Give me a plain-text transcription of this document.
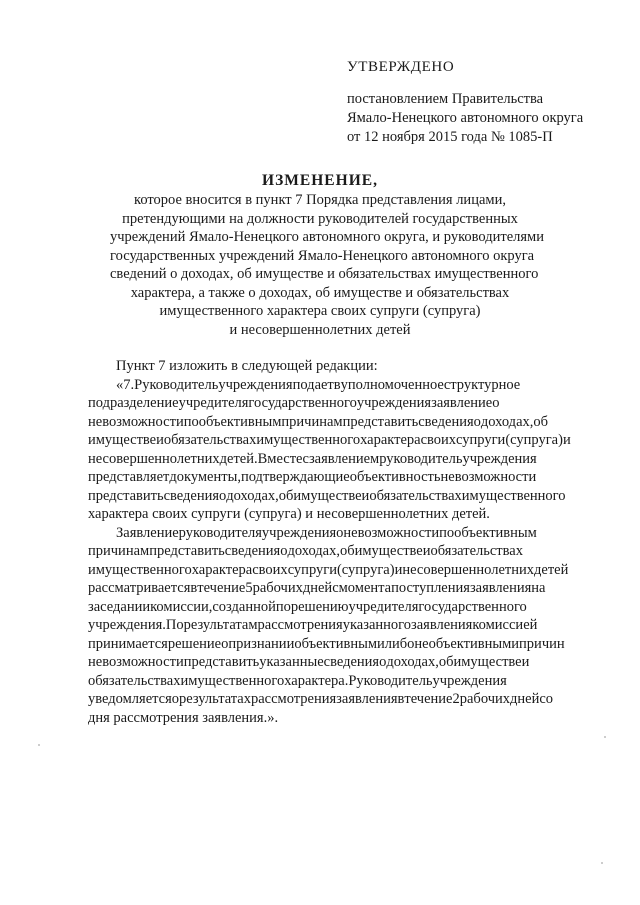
УТВЕРЖДЕНО
постановлением Правительства
Ямало-Ненецкого автономного округа
от 12 ноября 2015 года № 1085-П
ИЗМЕНЕНИЕ,
которое вносится в пункт 7 Порядка представления лицами,
претендующими на должности руководителей государственных
учреждений Ямало-Ненецкого автономного округа, и руководителями
государственных учреждений Ямало-Ненецкого автономного округа
сведений о доходах, об имуществе и обязательствах имущественного
характера, а также о доходах, об имуществе и обязательствах
имущественного характера своих супруги (супруга)
и несовершеннолетних детей
Пункт 7 изложить в следующей редакции:
«7.Руководительучрежденияподаетвуполномоченноеструктурное
подразделениеучредителягосударственногоучреждениязаявлениео
невозможностипообъективнымпричинампредставитьсведенияодоходах,об
имуществеиобязательствахимущественногохарактерасвоихсупруги(супруга)и
несовершеннолетнихдетей.Вместесзаявлениемруководительучреждения
представляетдокументы,подтверждающиеобъективностьневозможности
представитьсведенияодоходах,обимуществеиобязательствахимущественного
характера своих супруги (супруга) и несовершеннолетних детей.
Заявлениеруководителяучрежденияоневозможностипообъективным
причинампредставитьсведенияодоходах,обимуществеиобязательствах
имущественногохарактерасвоихсупруги(супруга)инесовершеннолетнихдетей
рассматриваетсявтечение5рабочихднейсмоментапоступлениязаявленияна
заседаниикомиссии,созданнойпорешениюучредителягосударственного
учреждения.Порезультатамрассмотренияуказанногозаявлениякомиссией
принимаетсярешениеопризнанииобъективнымилибонеобъективнымипричин
невозможностипредставитьуказанныесведенияодоходах,обимуществеи
обязательствахимущественногохарактера.Руководительучреждения
уведомляетсяорезультатахрассмотрениязаявлениявтечение2рабочихднейсо
дня рассмотрения заявления.».
